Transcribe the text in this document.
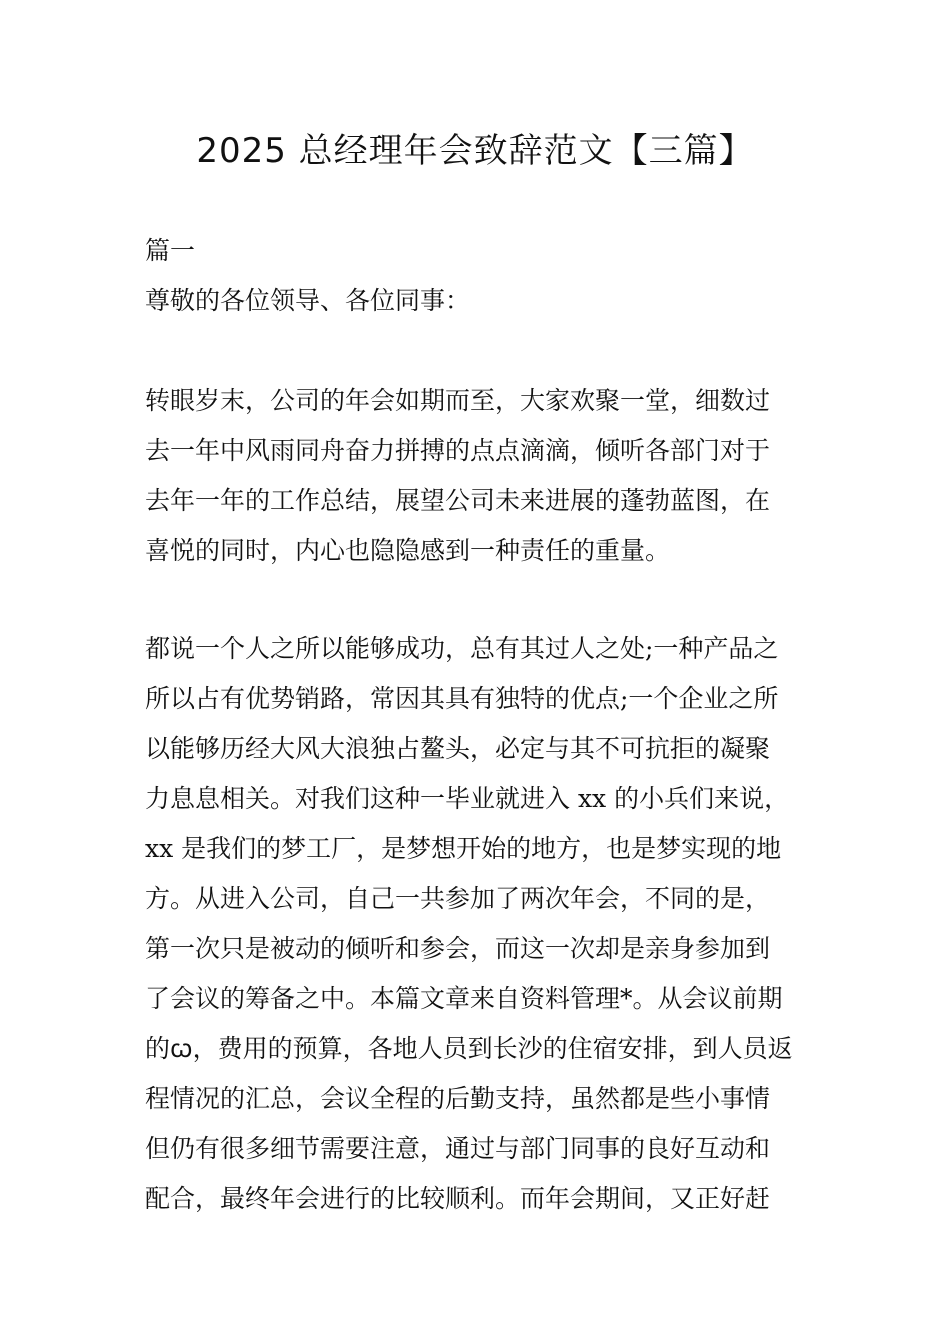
2025 总经理年会致辞范文【三篇】
篇一
尊敬的各位领导、各位同事：
转眼岁末，公司的年会如期而至，大家欢聚一堂，细数过
去一年中风雨同舟奋力拼搏的点点滴滴，倾听各部门对于
去年一年的工作总结，展望公司未来进展的蓬勃蓝图，在
喜悦的同时，内心也隐隐感到一种责任的重量。
都说一个人之所以能够成功，总有其过人之处;一种产品之
所以占有优势销路，常因其具有独特的优点;一个企业之所
以能够历经大风大浪独占鳌头，必定与其不可抗拒的凝聚
力息息相关。对我们这种一毕业就进入 xx 的小兵们来说，
xx 是我们的梦工厂，是梦想开始的地方，也是梦实现的地
方。从进入公司，自己一共参加了两次年会，不同的是，
第一次只是被动的倾听和参会，而这一次却是亲身参加到
了会议的筹备之中。本篇文章来自资料管理*。从会议前期
的ꞷ，费用的预算，各地人员到长沙的住宿安排，到人员返
程情况的汇总，会议全程的后勤支持，虽然都是些小事情
但仍有很多细节需要注意，通过与部门同事的良好互动和
配合，最终年会进行的比较顺利。而年会期间，又正好赶
